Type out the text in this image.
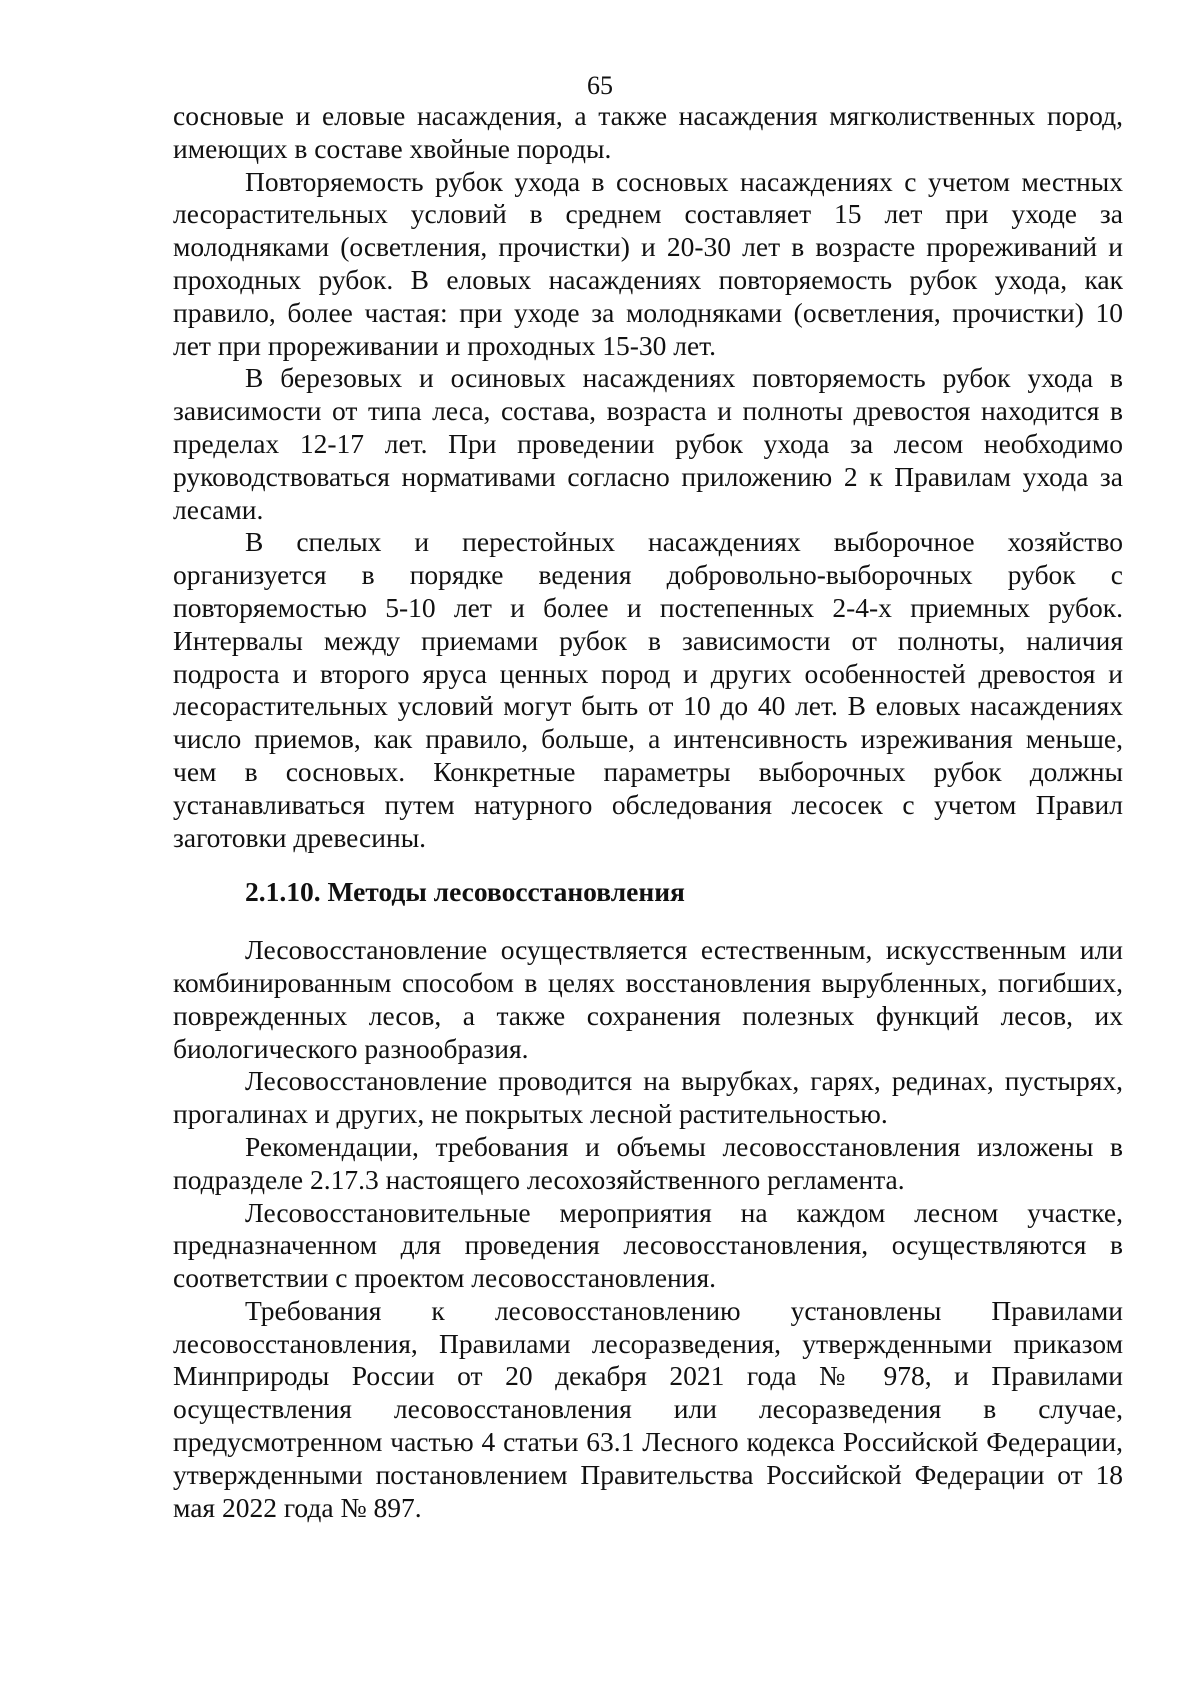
65

сосновые и еловые насаждения, а также насаждения мягколиственных пород, имеющих в составе хвойные породы.

Повторяемость рубок ухода в сосновых насаждениях с учетом местных лесорастительных условий в среднем составляет 15 лет при уходе за молодняками (осветления, прочистки) и 20-30 лет в возрасте прореживаний и проходных рубок. В еловых насаждениях повторяемость рубок ухода, как правило, более частая: при уходе за молодняками (осветления, прочистки) 10 лет при прореживании и проходных 15-30 лет.

В березовых и осиновых насаждениях повторяемость рубок ухода в зависимости от типа леса, состава, возраста и полноты древостоя находится в пределах 12-17 лет. При проведении рубок ухода за лесом необходимо руководствоваться нормативами согласно приложению 2 к Правилам ухода за лесами.

В спелых и перестойных насаждениях выборочное хозяйство организуется в порядке ведения добровольно-выборочных рубок с повторяемостью 5-10 лет и более и постепенных 2-4-х приемных рубок. Интервалы между приемами рубок в зависимости от полноты, наличия подроста и второго яруса ценных пород и других особенностей древостоя и лесорастительных условий могут быть от 10 до 40 лет. В еловых насаждениях число приемов, как правило, больше, а интенсивность изреживания меньше, чем в сосновых. Конкретные параметры выборочных рубок должны устанавливаться путем натурного обследования лесосек с учетом Правил заготовки древесины.

2.1.10. Методы лесовосстановления

Лесовосстановление осуществляется естественным, искусственным или комбинированным способом в целях восстановления вырубленных, погибших, поврежденных лесов, а также сохранения полезных функций лесов, их биологического разнообразия.

Лесовосстановление проводится на вырубках, гарях, рединах, пустырях, прогалинах и других, не покрытых лесной растительностью.

Рекомендации, требования и объемы лесовосстановления изложены в подразделе 2.17.3 настоящего лесохозяйственного регламента.

Лесовосстановительные мероприятия на каждом лесном участке, предназначенном для проведения лесовосстановления, осуществляются в соответствии с проектом лесовосстановления.

Требования к лесовосстановлению установлены Правилами лесовосстановления, Правилами лесоразведения, утвержденными приказом Минприроды России от 20 декабря 2021 года № 978, и Правилами осуществления лесовосстановления или лесоразведения в случае, предусмотренном частью 4 статьи 63.1 Лесного кодекса Российской Федерации, утвержденными постановлением Правительства Российской Федерации от 18 мая 2022 года № 897.
